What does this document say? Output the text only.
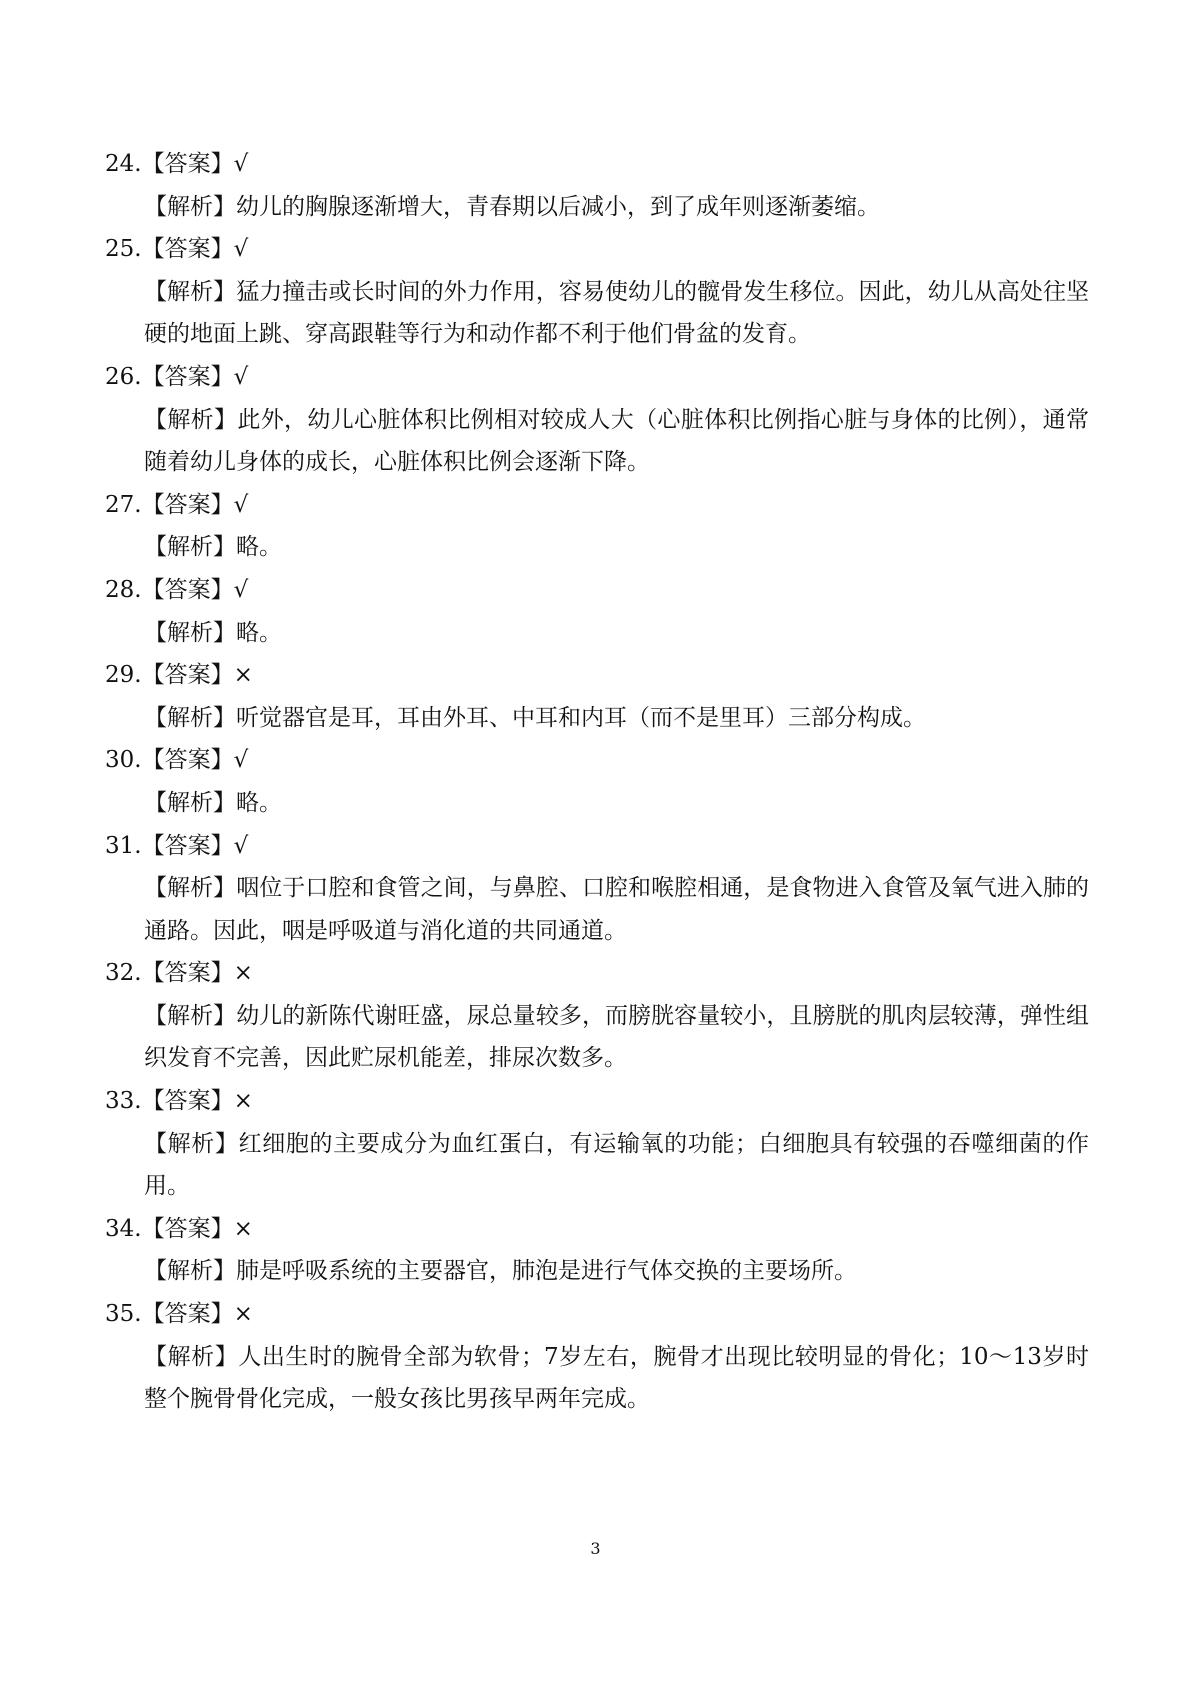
24.【答案】√
【解析】幼儿的胸腺逐渐增大，青春期以后减小，到了成年则逐渐萎缩。
25.【答案】√
【解析】猛力撞击或长时间的外力作用，容易使幼儿的髋骨发生移位。因此，幼儿从高处往坚硬的地面上跳、穿高跟鞋等行为和动作都不利于他们骨盆的发育。
26.【答案】√
【解析】此外，幼儿心脏体积比例相对较成人大（心脏体积比例指心脏与身体的比例），通常随着幼儿身体的成长，心脏体积比例会逐渐下降。
27.【答案】√
【解析】略。
28.【答案】√
【解析】略。
29.【答案】×
【解析】听觉器官是耳，耳由外耳、中耳和内耳（而不是里耳）三部分构成。
30.【答案】√
【解析】略。
31.【答案】√
【解析】咽位于口腔和食管之间，与鼻腔、口腔和喉腔相通，是食物进入食管及氧气进入肺的通路。因此，咽是呼吸道与消化道的共同通道。
32.【答案】×
【解析】幼儿的新陈代谢旺盛，尿总量较多，而膀胱容量较小，且膀胱的肌肉层较薄，弹性组织发育不完善，因此贮尿机能差，排尿次数多。
33.【答案】×
【解析】红细胞的主要成分为血红蛋白，有运输氧的功能；白细胞具有较强的吞噬细菌的作用。
34.【答案】×
【解析】肺是呼吸系统的主要器官，肺泡是进行气体交换的主要场所。
35.【答案】×
【解析】人出生时的腕骨全部为软骨；7岁左右，腕骨才出现比较明显的骨化；10～13岁时整个腕骨骨化完成，一般女孩比男孩早两年完成。
3
